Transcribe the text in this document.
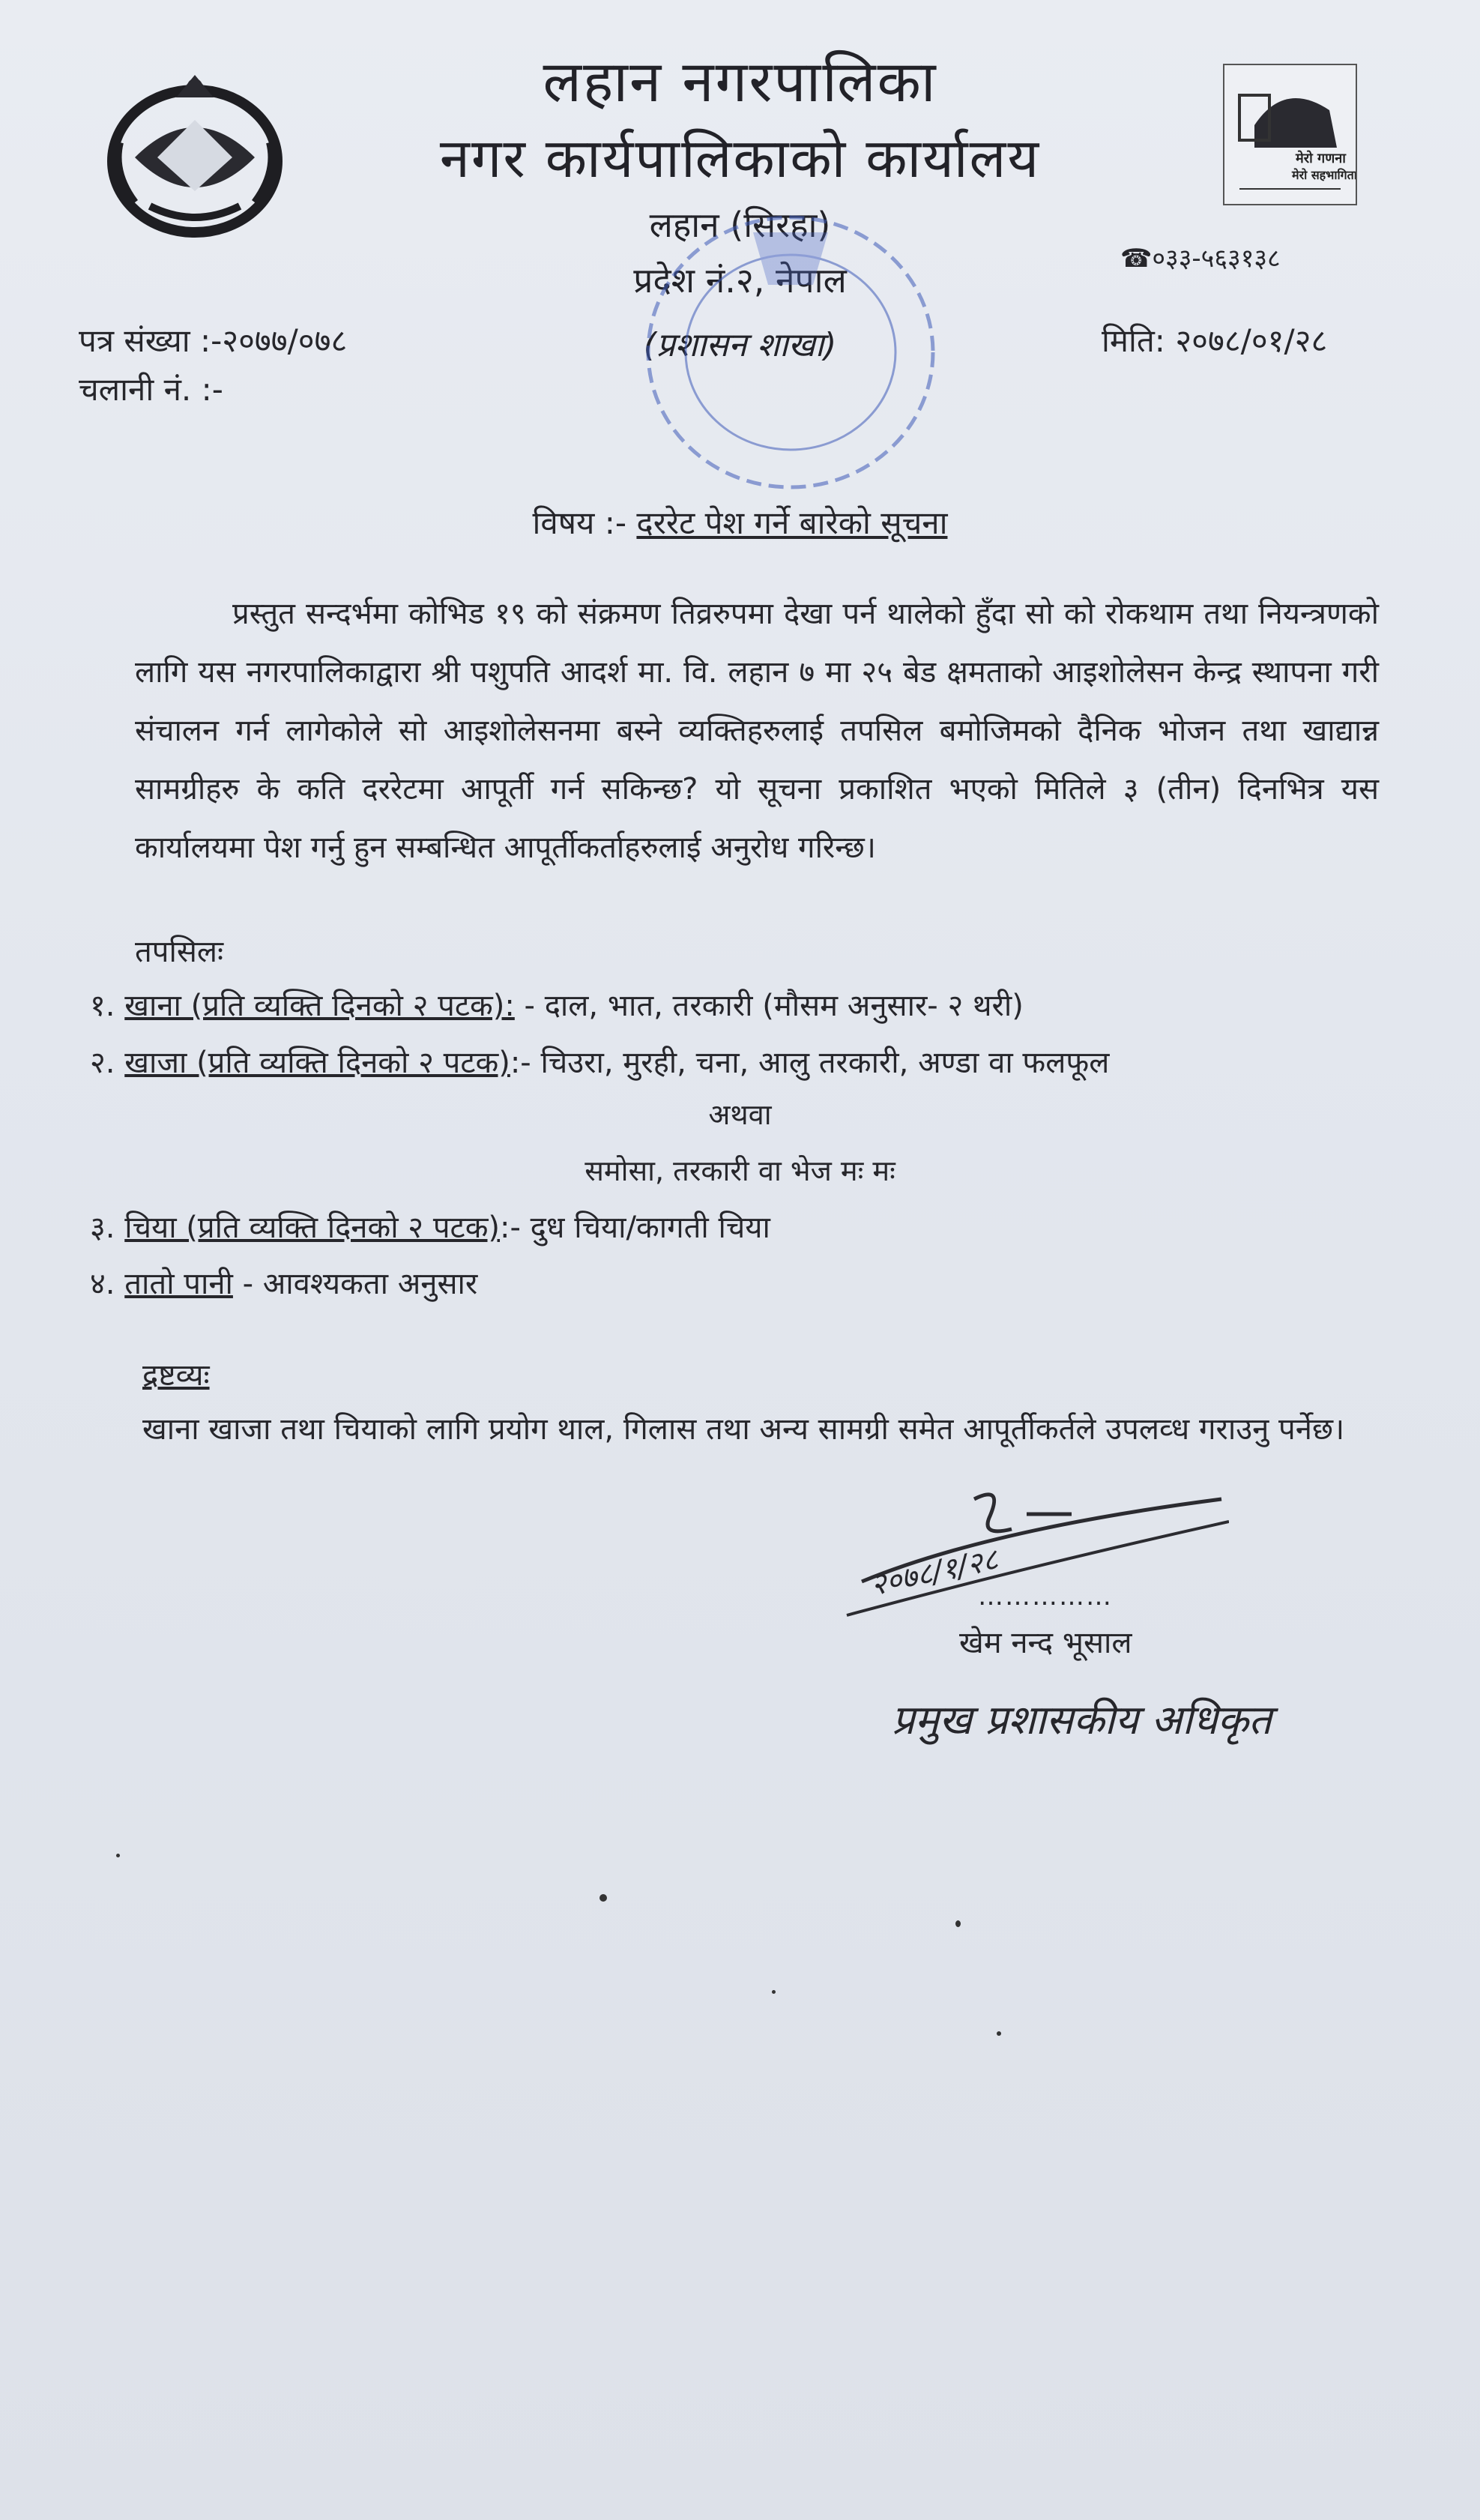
मेरो गणना
मेरो सहभागिता
लहान नगरपालिका
नगर कार्यपालिकाको कार्यालय
लहान (सिरहा)
प्रदेश नं.२, नेपाल
(प्रशासन शाखा)
☎०३३-५६३१३८
पत्र संख्या :-२०७७/०७८
चलानी नं. :-
मिति: २०७८/०१/२८
विषय :- दररेट पेश गर्ने बारेको सूचना
प्रस्तुत सन्दर्भमा कोभिड १९ को संक्रमण तिव्ररुपमा देखा पर्न थालेको हुँदा सो को रोकथाम तथा नियन्त्रणको लागि यस नगरपालिकाद्वारा श्री पशुपति आदर्श मा. वि. लहान ७ मा २५ बेड क्षमताको आइशोलेसन केन्द्र स्थापना गरी संचालन गर्न लागेकोले सो आइशोलेसनमा बस्ने व्यक्तिहरुलाई तपसिल बमोजिमको दैनिक भोजन तथा खाद्यान्न सामग्रीहरु के कति दररेटमा आपूर्ती गर्न सकिन्छ? यो सूचना प्रकाशित भएको मितिले ३ (तीन) दिनभित्र यस कार्यालयमा पेश गर्नु हुन सम्बन्धित आपूर्तीकर्ताहरुलाई अनुरोध गरिन्छ।
तपसिलः
१. खाना (प्रति व्यक्ति दिनको २ पटक): - दाल, भात, तरकारी (मौसम अनुसार- २ थरी)
२. खाजा (प्रति व्यक्ति दिनको २ पटक):- चिउरा, मुरही, चना, आलु तरकारी, अण्डा वा फलफूल
अथवा
समोसा, तरकारी वा भेज मः मः
३. चिया (प्रति व्यक्ति दिनको २ पटक):- दुध चिया/कागती चिया
४. तातो पानी - आवश्यकता अनुसार
द्रष्टव्यः
खाना खाजा तथा चियाको लागि प्रयोग थाल, गिलास तथा अन्य सामग्री समेत आपूर्तीकर्तले उपलव्ध गराउनु पर्नेछ।
२०७८/१/२८
……………
खेम नन्द भूसाल
प्रमुख प्रशासकीय अधिकृत
